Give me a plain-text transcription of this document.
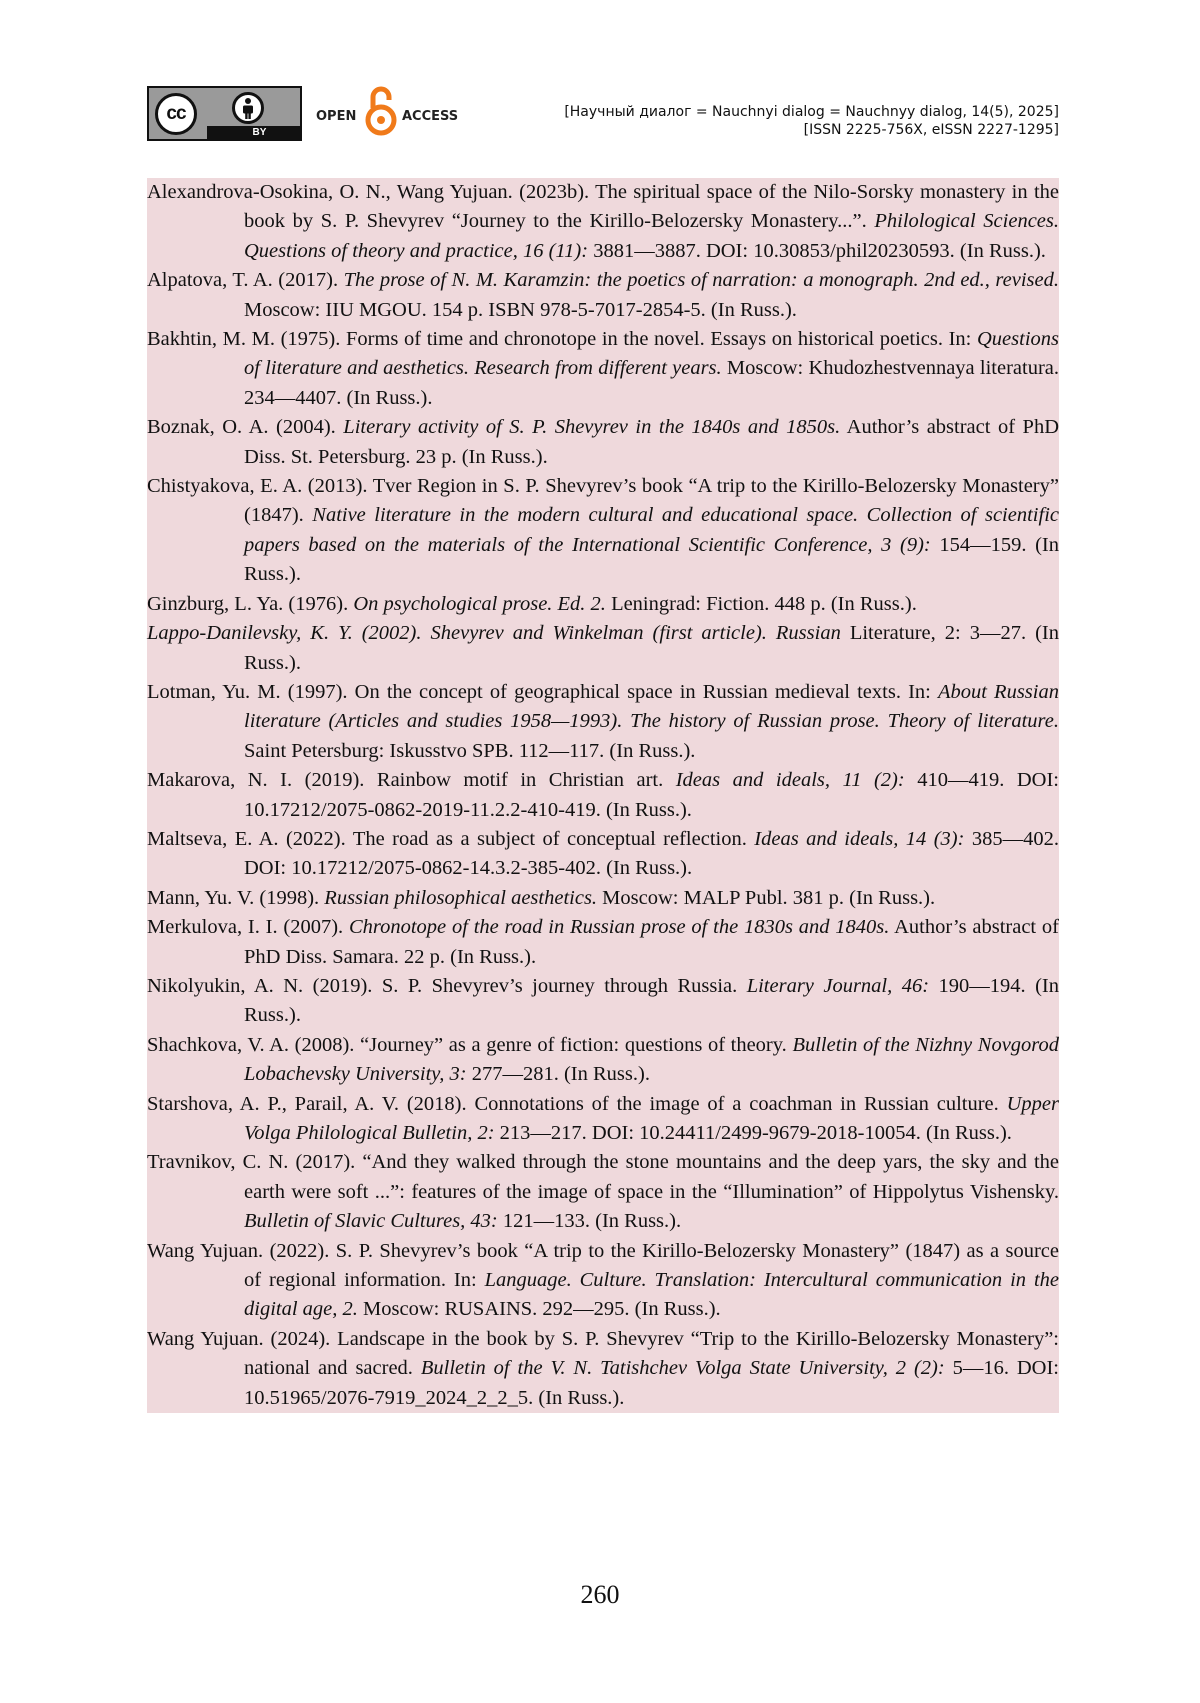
cc
BY
OPEN	ACCESS	[Научный диалог = Nauchnyi dialog = Nauchnyy dialog, 14(5), 2025]
[ISSN 2225-756X, eISSN 2227-1295]
Alexandrova-Osokina, O. N., Wang Yujuan. (2023b). The spiritual space of the Nilo-Sorsky monastery in the book by S. P. Shevyrev “Journey to the Kirillo-Belozersky Monastery...”. Philological Sciences. Questions of theory and practice, 16 (11): 3881—3887. DOI: 10.30853/phil20230593. (In Russ.).
Alpatova, T. A. (2017). The prose of N. M. Karamzin: the poetics of narration: a monograph. 2nd ed., revised. Moscow: IIU MGOU. 154 p. ISBN 978-5-7017-2854-5. (In Russ.).
Bakhtin, M. M. (1975). Forms of time and chronotope in the novel. Essays on historical poetics. In: Questions of literature and aesthetics. Research from different years. Moscow: Khudozhestvennaya literatura. 234—4407. (In Russ.).
Boznak, O. A. (2004). Literary activity of S. P. Shevyrev in the 1840s and 1850s. Author’s abstract of PhD Diss. St. Petersburg. 23 p. (In Russ.).
Chistyakova, E. A. (2013). Tver Region in S. P. Shevyrev’s book “A trip to the Kirillo-Belozersky Monastery” (1847). Native literature in the modern cultural and educational space. Collection of scientific papers based on the materials of the International Scientific Conference, 3 (9): 154—159. (In Russ.).
Ginzburg, L. Ya. (1976). On psychological prose. Ed. 2. Leningrad: Fiction. 448 p. (In Russ.).
Lappo-Danilevsky, K. Y. (2002). Shevyrev and Winkelman (first article). Russian Literature, 2: 3—27. (In Russ.).
Lotman, Yu. M. (1997). On the concept of geographical space in Russian medieval texts. In: About Russian literature (Articles and studies 1958—1993). The history of Russian prose. Theory of literature. Saint Petersburg: Iskusstvo SPB. 112—117. (In Russ.).
Makarova, N. I. (2019). Rainbow motif in Christian art. Ideas and ideals, 11 (2): 410—419. DOI: 10.17212/2075-0862-2019-11.2.2-410-419. (In Russ.).
Maltseva, E. A. (2022). The road as a subject of conceptual reflection. Ideas and ideals, 14 (3): 385—402. DOI: 10.17212/2075-0862-14.3.2-385-402. (In Russ.).
Mann, Yu. V. (1998). Russian philosophical aesthetics. Moscow: MALP Publ. 381 p. (In Russ.).
Merkulova, I. I. (2007). Chronotope of the road in Russian prose of the 1830s and 1840s. Author’s abstract of PhD Diss. Samara. 22 p. (In Russ.).
Nikolyukin, A. N. (2019). S. P. Shevyrev’s journey through Russia. Literary Journal, 46: 190—194. (In Russ.).
Shachkova, V. A. (2008). “Journey” as a genre of fiction: questions of theory. Bulletin of the Nizhny Novgorod Lobachevsky University, 3: 277—281. (In Russ.).
Starshova, A. P., Parail, A. V. (2018). Connotations of the image of a coachman in Russian culture. Upper Volga Philological Bulletin, 2: 213—217. DOI: 10.24411/2499-9679-2018-10054. (In Russ.).
Travnikov, C. N. (2017). “And they walked through the stone mountains and the deep yars, the sky and the earth were soft ...”: features of the image of space in the “Illumination” of Hippolytus Vishensky. Bulletin of Slavic Cultures, 43: 121—133. (In Russ.).
Wang Yujuan. (2022). S. P. Shevyrev’s book “A trip to the Kirillo-Belozersky Monastery” (1847) as a source of regional information. In: Language. Culture. Translation: Intercultural communication in the digital age, 2. Moscow: RUSAINS. 292—295. (In Russ.).
Wang Yujuan. (2024). Landscape in the book by S. P. Shevyrev “Trip to the Kirillo-Belozersky Monastery”: national and sacred. Bulletin of the V. N. Tatishchev Volga State University, 2 (2): 5—16. DOI: 10.51965/2076-7919_2024_2_2_5. (In Russ.).
260
